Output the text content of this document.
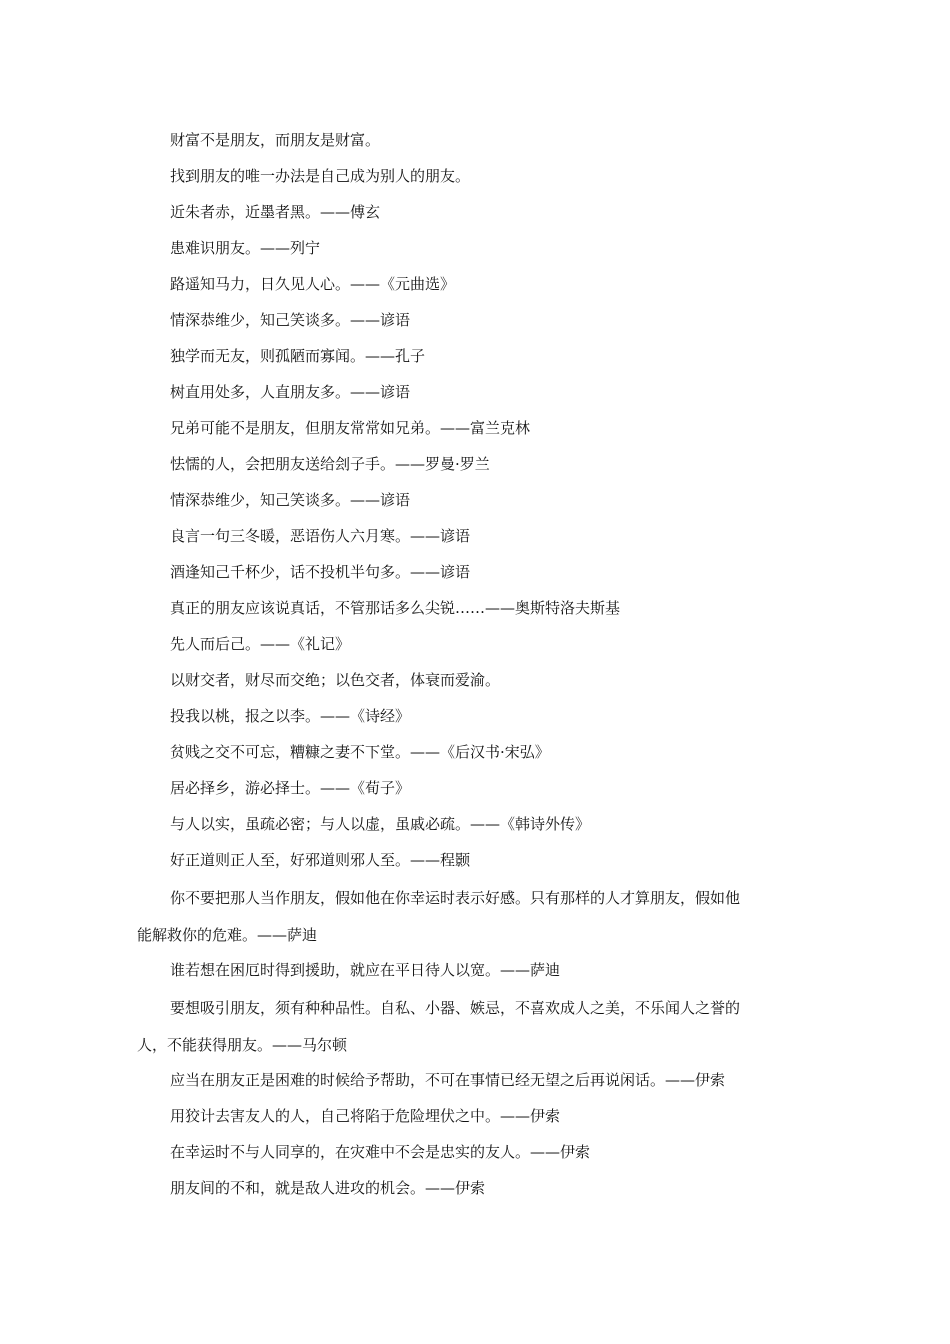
财富不是朋友，而朋友是财富。
找到朋友的唯一办法是自己成为别人的朋友。
近朱者赤，近墨者黑。——傅玄
患难识朋友。——列宁
路遥知马力，日久见人心。——《元曲选》
情深恭维少，知己笑谈多。——谚语
独学而无友，则孤陋而寡闻。——孔子
树直用处多，人直朋友多。——谚语
兄弟可能不是朋友，但朋友常常如兄弟。——富兰克林
怯懦的人，会把朋友送给刽子手。——罗曼·罗兰
情深恭维少，知己笑谈多。——谚语
良言一句三冬暖，恶语伤人六月寒。——谚语
酒逢知己千杯少，话不投机半句多。——谚语
真正的朋友应该说真话，不管那话多么尖锐……——奥斯特洛夫斯基
先人而后己。——《礼记》
以财交者，财尽而交绝；以色交者，体衰而爱渝。
投我以桃，报之以李。——《诗经》
贫贱之交不可忘，糟糠之妻不下堂。——《后汉书·宋弘》
居必择乡，游必择士。——《荀子》
与人以实，虽疏必密；与人以虚，虽戚必疏。——《韩诗外传》
好正道则正人至，好邪道则邪人至。——程颢
你不要把那人当作朋友，假如他在你幸运时表示好感。只有那样的人才算朋友，假如他
能解救你的危难。——萨迪
谁若想在困厄时得到援助，就应在平日待人以宽。——萨迪
要想吸引朋友，须有种种品性。自私、小器、嫉忌，不喜欢成人之美，不乐闻人之誉的
人，不能获得朋友。——马尔顿
应当在朋友正是困难的时候给予帮助，不可在事情已经无望之后再说闲话。——伊索
用狡计去害友人的人，自己将陷于危险埋伏之中。——伊索
在幸运时不与人同享的，在灾难中不会是忠实的友人。——伊索
朋友间的不和，就是敌人进攻的机会。——伊索
